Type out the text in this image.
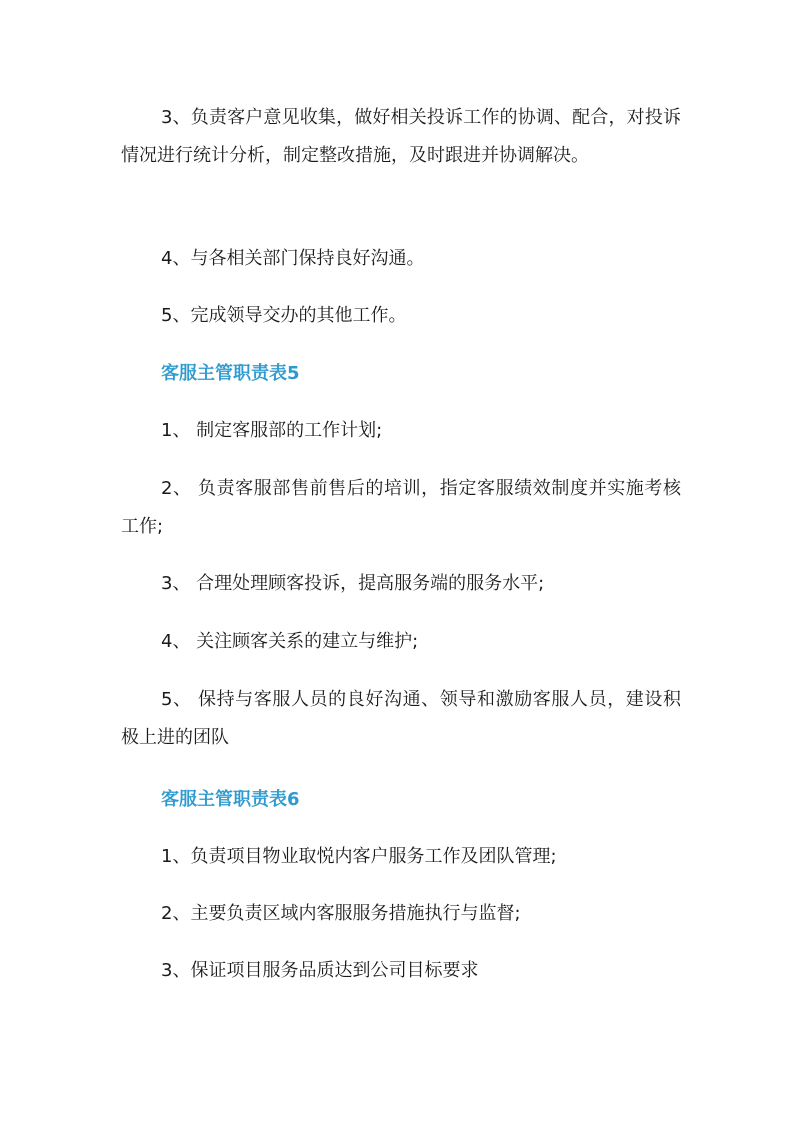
3、负责客户意见收集，做好相关投诉工作的协调、配合，对投诉情况进行统计分析，制定整改措施，及时跟进并协调解决。

4、与各相关部门保持良好沟通。

5、完成领导交办的其他工作。

客服主管职责表5

1、 制定客服部的工作计划;

2、 负责客服部售前售后的培训，指定客服绩效制度并实施考核工作;

3、 合理处理顾客投诉，提高服务端的服务水平;

4、 关注顾客关系的建立与维护;

5、 保持与客服人员的良好沟通、领导和激励客服人员，建设积极上进的团队

客服主管职责表6

1、负责项目物业取悦内客户服务工作及团队管理;

2、主要负责区域内客服服务措施执行与监督;

3、保证项目服务品质达到公司目标要求
